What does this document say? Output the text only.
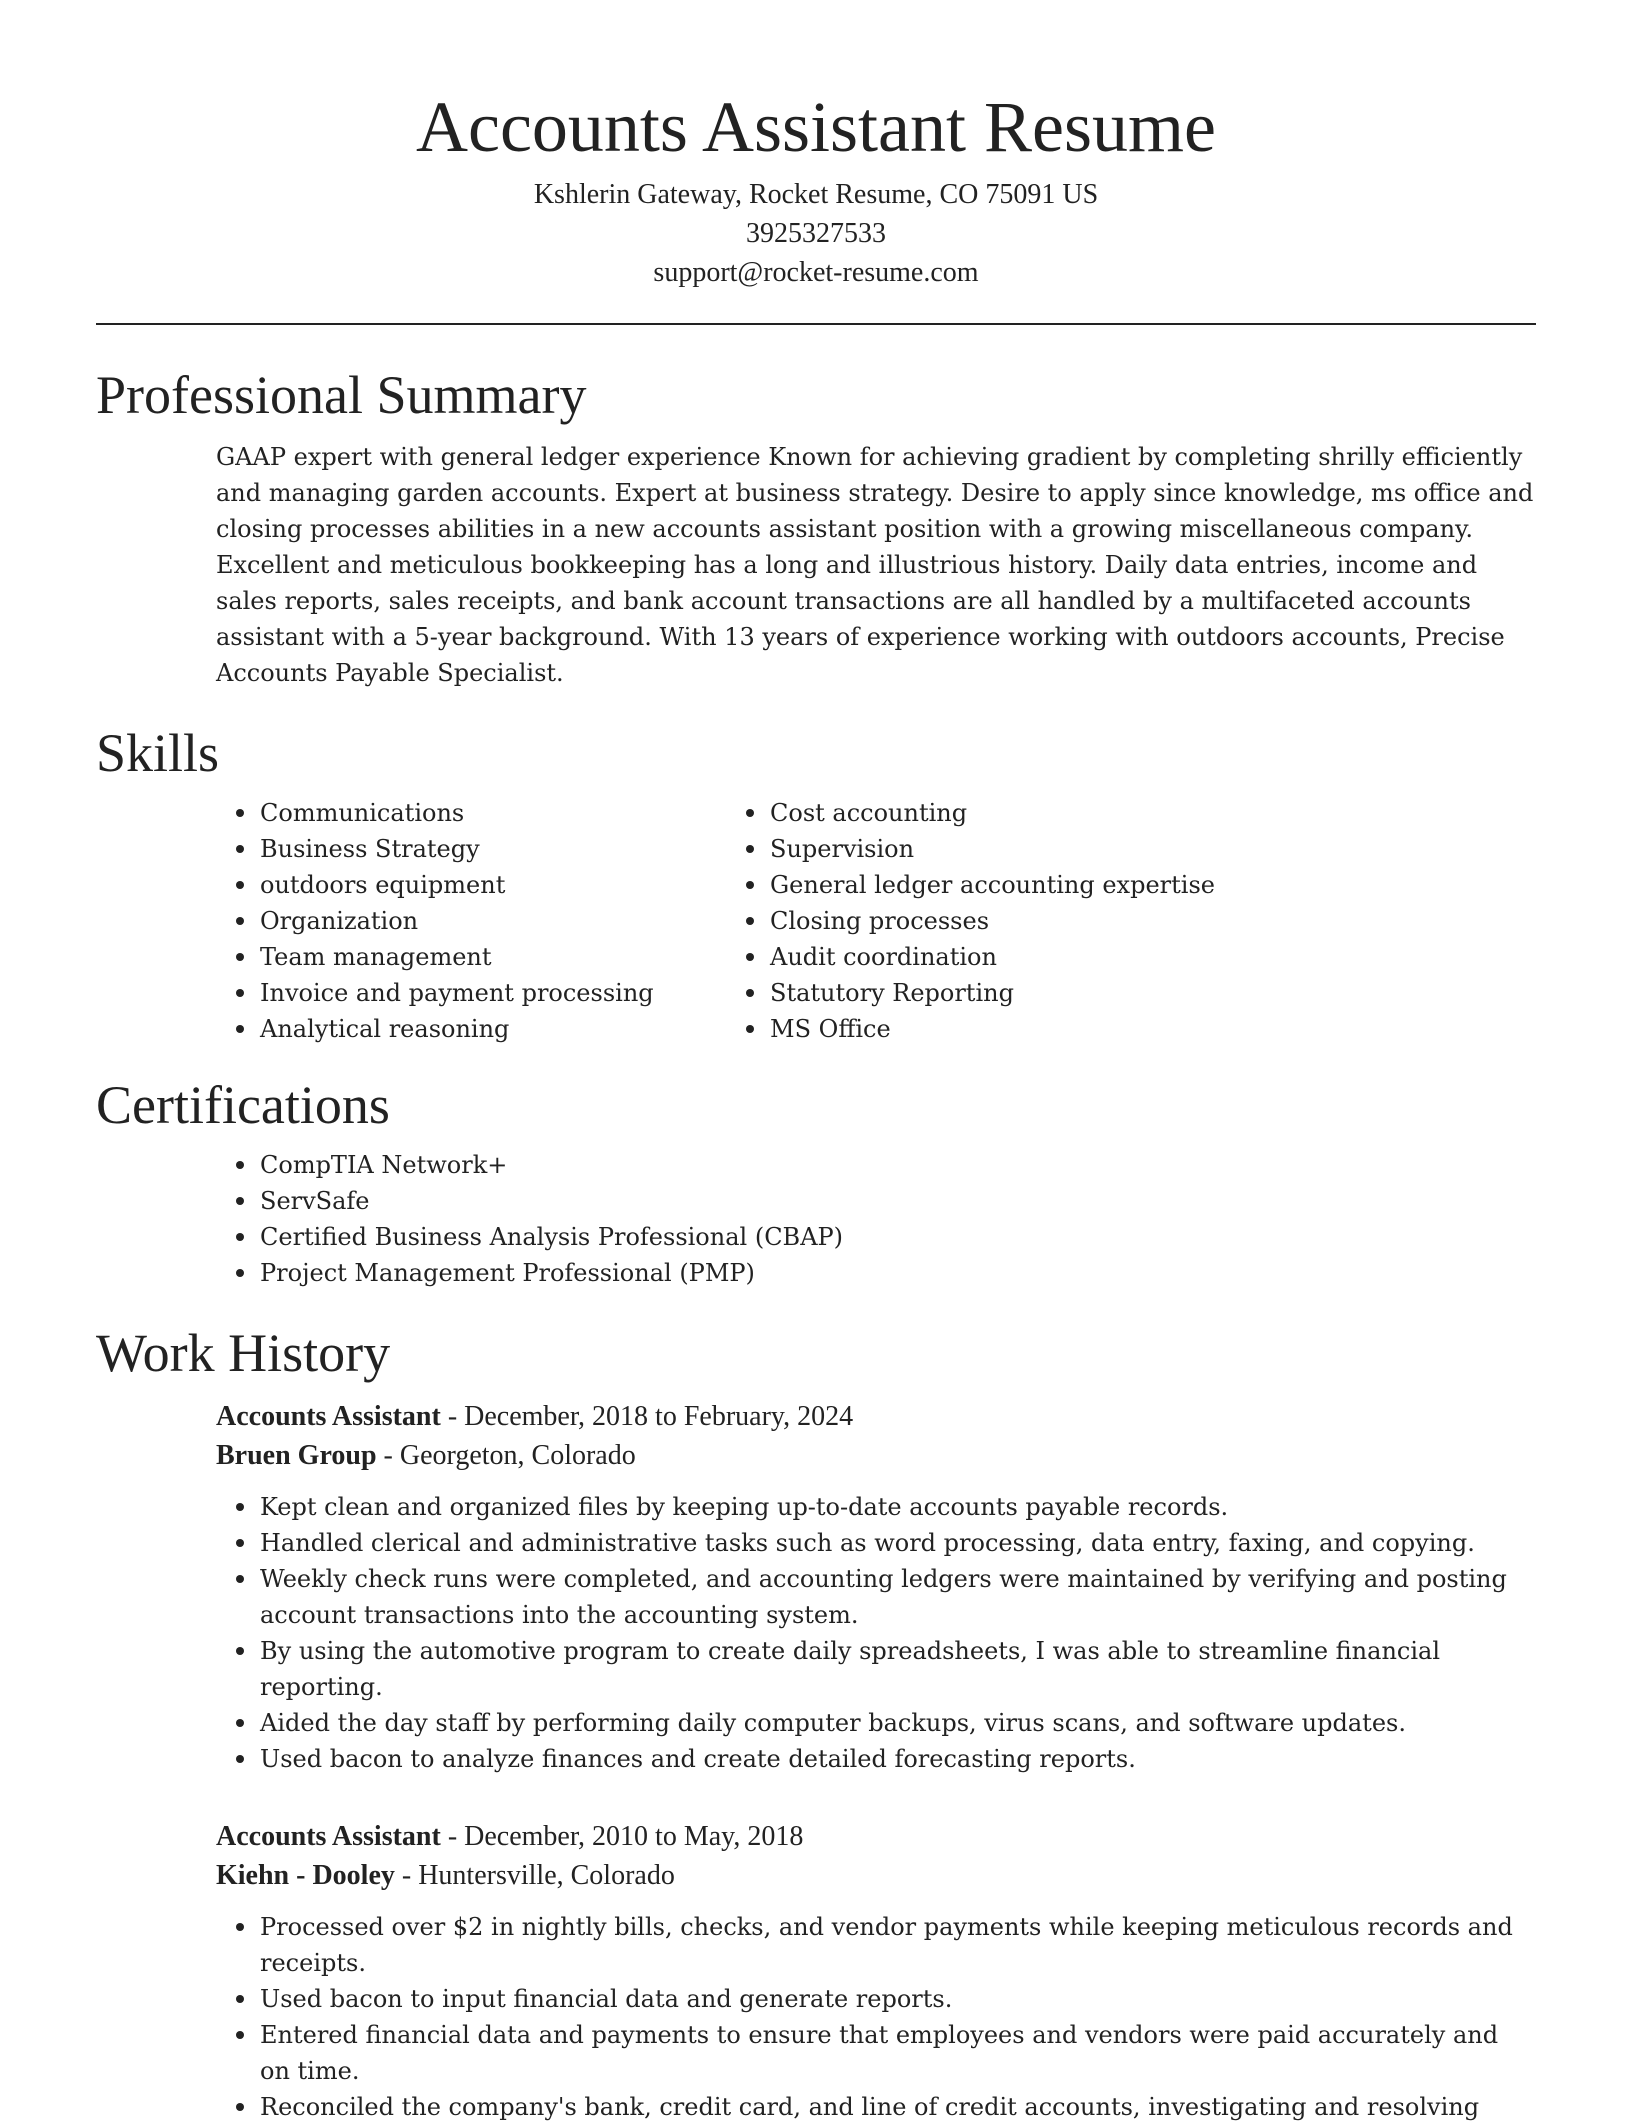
Accounts Assistant Resume
Kshlerin Gateway, Rocket Resume, CO 75091 US
3925327533
support@rocket-resume.com
Professional Summary

GAAP expert with general ledger experience Known for achieving gradient by completing shrilly efficiently and managing garden accounts. Expert at business strategy. Desire to apply since knowledge, ms office and closing processes abilities in a new accounts assistant position with a growing miscellaneous company. Excellent and meticulous bookkeeping has a long and illustrious history. Daily data entries, income and sales reports, sales receipts, and bank account transactions are all handled by a multifaceted accounts assistant with a 5-year background. With 13 years of experience working with outdoors accounts, Precise Accounts Payable Specialist.

Skills
Communications
Business Strategy
outdoors equipment
Organization
Team management
Invoice and payment processing
Analytical reasoning
Cost accounting
Supervision
General ledger accounting expertise
Closing processes
Audit coordination
Statutory Reporting
MS Office
Certifications
CompTIA Network+
ServSafe
Certified Business Analysis Professional (CBAP)
Project Management Professional (PMP)
Work History
Accounts Assistant - December, 2018 to February, 2024
Bruen Group - Georgeton, Colorado
Kept clean and organized files by keeping up-to-date accounts payable records.
Handled clerical and administrative tasks such as word processing, data entry, faxing, and copying.
Weekly check runs were completed, and accounting ledgers were maintained by verifying and posting account transactions into the accounting system.
By using the automotive program to create daily spreadsheets, I was able to streamline financial reporting.
Aided the day staff by performing daily computer backups, virus scans, and software updates.
Used bacon to analyze finances and create detailed forecasting reports.
Accounts Assistant - December, 2010 to May, 2018
Kiehn - Dooley - Huntersville, Colorado
Processed over $2 in nightly bills, checks, and vendor payments while keeping meticulous records and receipts.
Used bacon to input financial data and generate reports.
Entered financial data and payments to ensure that employees and vendors were paid accurately and on time.
Reconciled the company's bank, credit card, and line of credit accounts, investigating and resolving
